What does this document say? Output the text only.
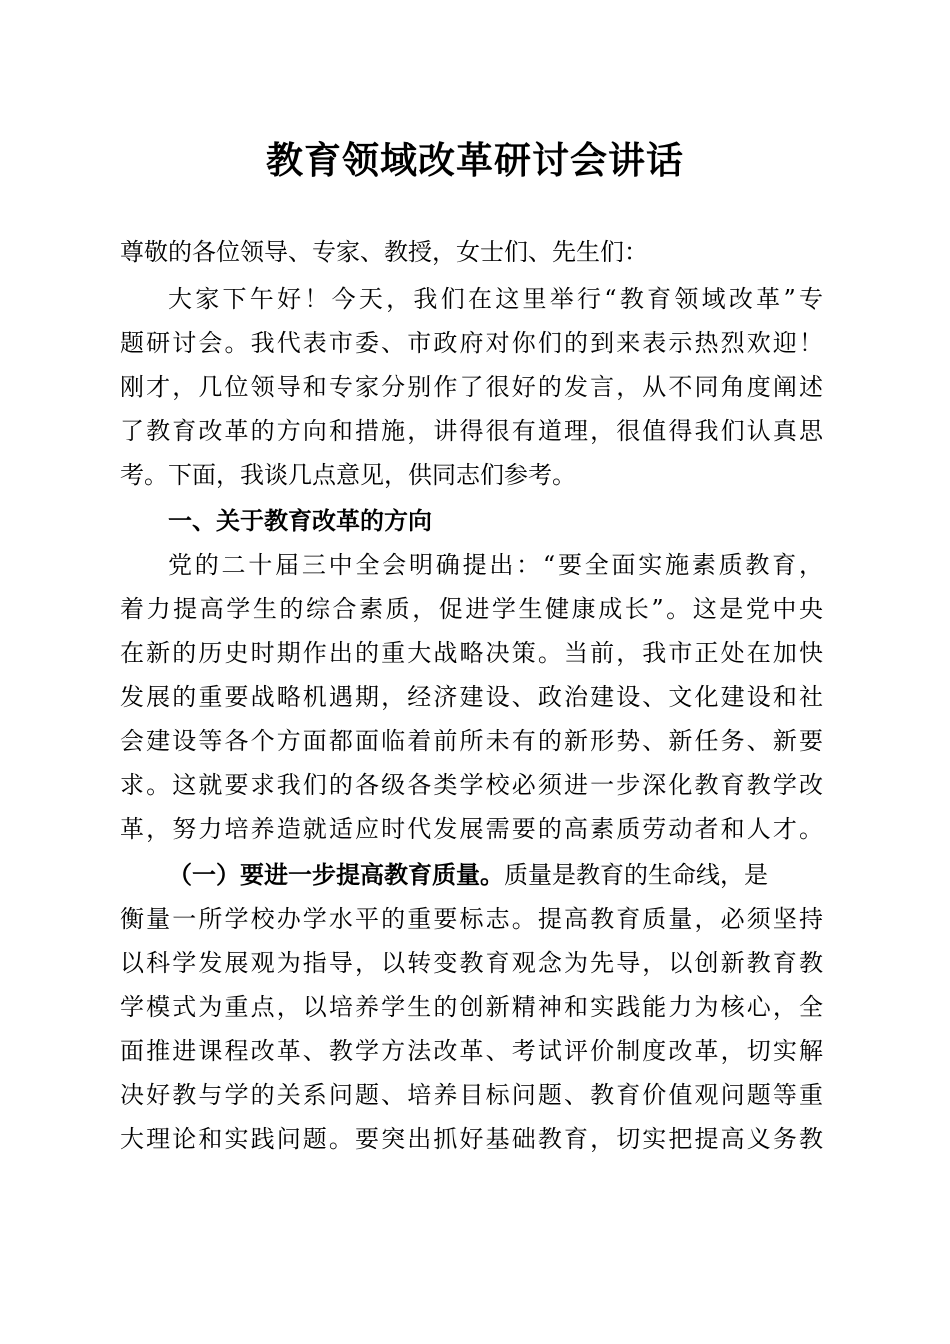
教育领域改革研讨会讲话
尊敬的各位领导、专家、教授，女士们、先生们：
大家下午好！今天，我们在这里举行“教育领域改革”专
题研讨会。我代表市委、市政府对你们的到来表示热烈欢迎！
刚才，几位领导和专家分别作了很好的发言，从不同角度阐述
了教育改革的方向和措施，讲得很有道理，很值得我们认真思
考。下面，我谈几点意见，供同志们参考。
一、关于教育改革的方向
党的二十届三中全会明确提出：“要全面实施素质教育，
着力提高学生的综合素质，促进学生健康成长”。这是党中央
在新的历史时期作出的重大战略决策。当前，我市正处在加快
发展的重要战略机遇期，经济建设、政治建设、文化建设和社
会建设等各个方面都面临着前所未有的新形势、新任务、新要
求。这就要求我们的各级各类学校必须进一步深化教育教学改
革，努力培养造就适应时代发展需要的高素质劳动者和人才。
（一）要进一步提高教育质量。质量是教育的生命线，是
衡量一所学校办学水平的重要标志。提高教育质量，必须坚持
以科学发展观为指导，以转变教育观念为先导，以创新教育教
学模式为重点，以培养学生的创新精神和实践能力为核心，全
面推进课程改革、教学方法改革、考试评价制度改革，切实解
决好教与学的关系问题、培养目标问题、教育价值观问题等重
大理论和实践问题。要突出抓好基础教育，切实把提高义务教
